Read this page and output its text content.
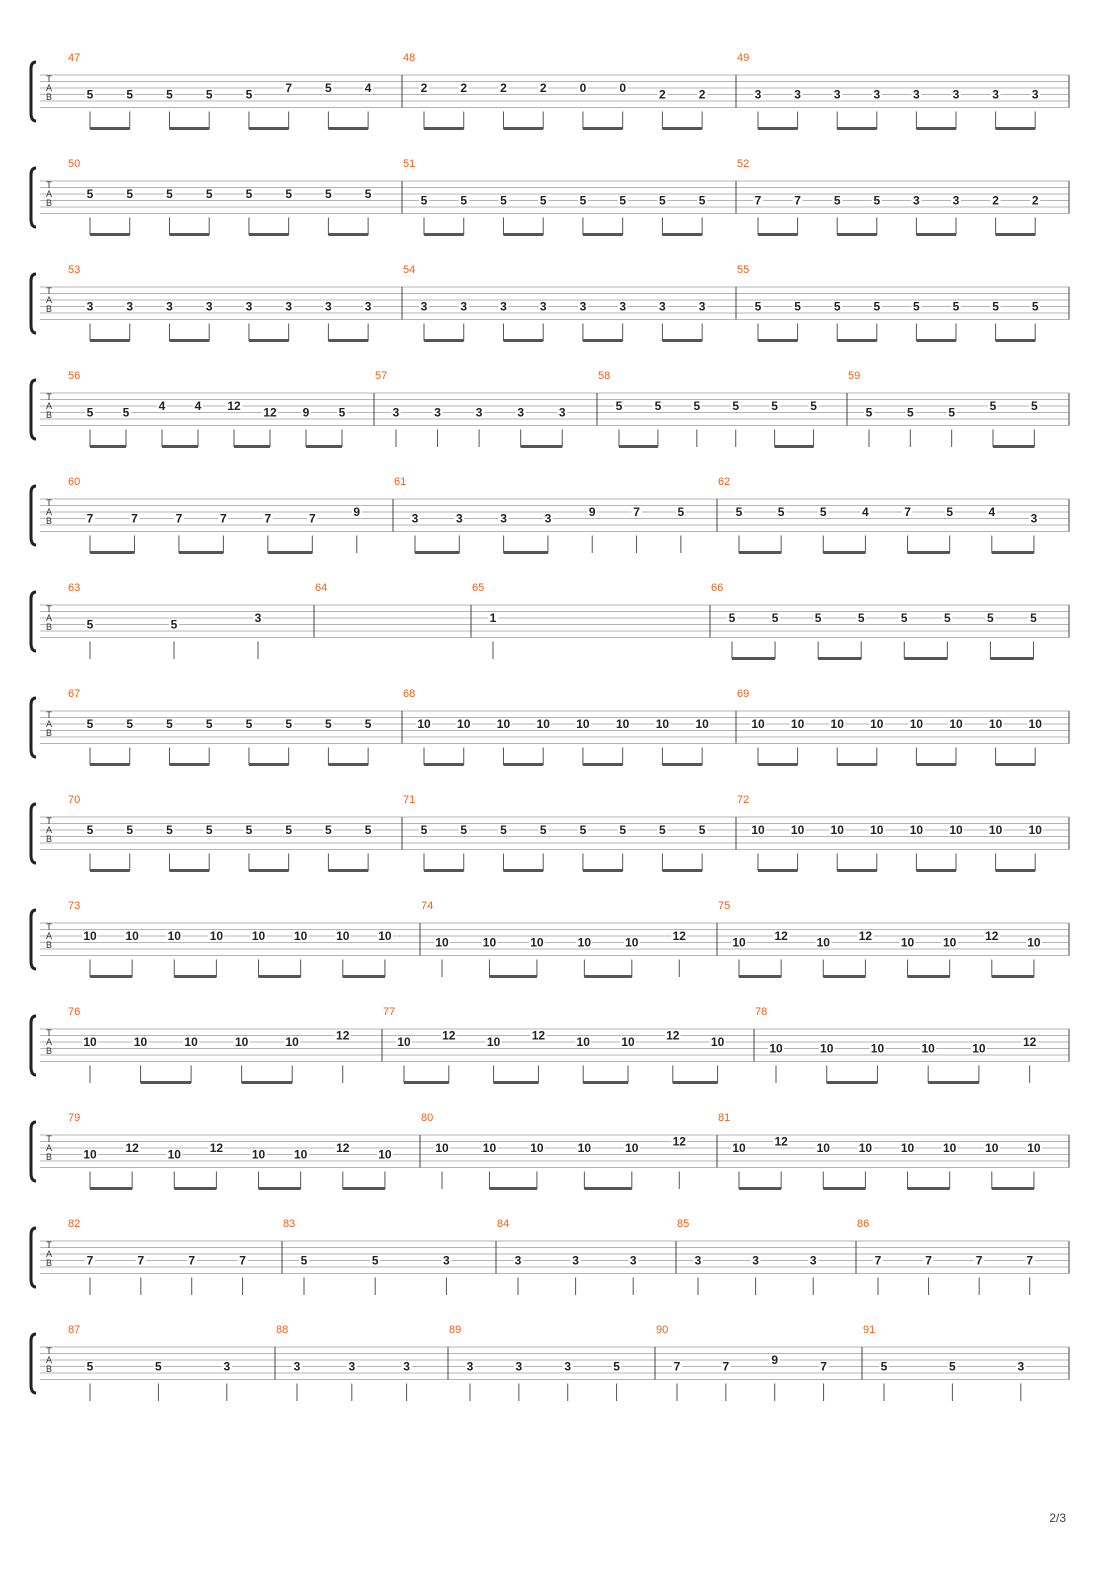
T
A
B
47
5	5	5	5	5	7	5	4
48
2	2	2	2	0	0	2	2
49
3	3	3	3	3	3	3	3
T
A
B
50
5	5	5	5	5	5	5	5
51
5	5	5	5	5	5	5	5
52
7	7	5	5	3	3	2	2
T
A
B
53
3	3	3	3	3	3	3	3
54
3	3	3	3	3	3	3	3
55
5	5	5	5	5	5	5	5
T
A
B
56
5 5 4 4 12 12 9 5
57
3	3	3	3	3
58
5	5	5	5	5	5
59
5	5	5	5	5
T
A
B
60
7	7	7	7	7	7	9
61
3	3	3	3	9	7	5
62
5	5	5	4	7	5	4	3
T
A
B
63
5	5	3
64	65
1
66
5	5	5	5	5	5	5	5
T
A
B
67
5	5	5	5	5	5	5	5
68
10 10 10 10 10 10 10 10
69
10 10 10 10 10 10 10 10
T
A
B
70
5	5	5	5	5	5	5	5
71
5	5	5	5	5	5	5	5
72
10 10 10 10 10 10 10 10
T
A
B
73
10 10 10 10 10 10 10 10
74
10	10	10	10	10	12
75
10 12 10 12 10 10 12 10
T
A
B
76
10	10	10	10	10	12
77
10	12	10	12	10	10	12	10
78
10	10	10	10	10	12
T
A
B
79
10 12 10 12 10 10 12 10
80
10	10	10	10	10	12
81
10 12 10 10 10 10 10 10
T
A
B
82
7	7	7	7
83
5	5	3
84
3	3	3
85
3	3	3
86
7	7	7	7
T
A
B
87
5	5	3
88
3	3	3
89
3	3	3	5
90
7	7	9	7
91
5	5	3
2/3
